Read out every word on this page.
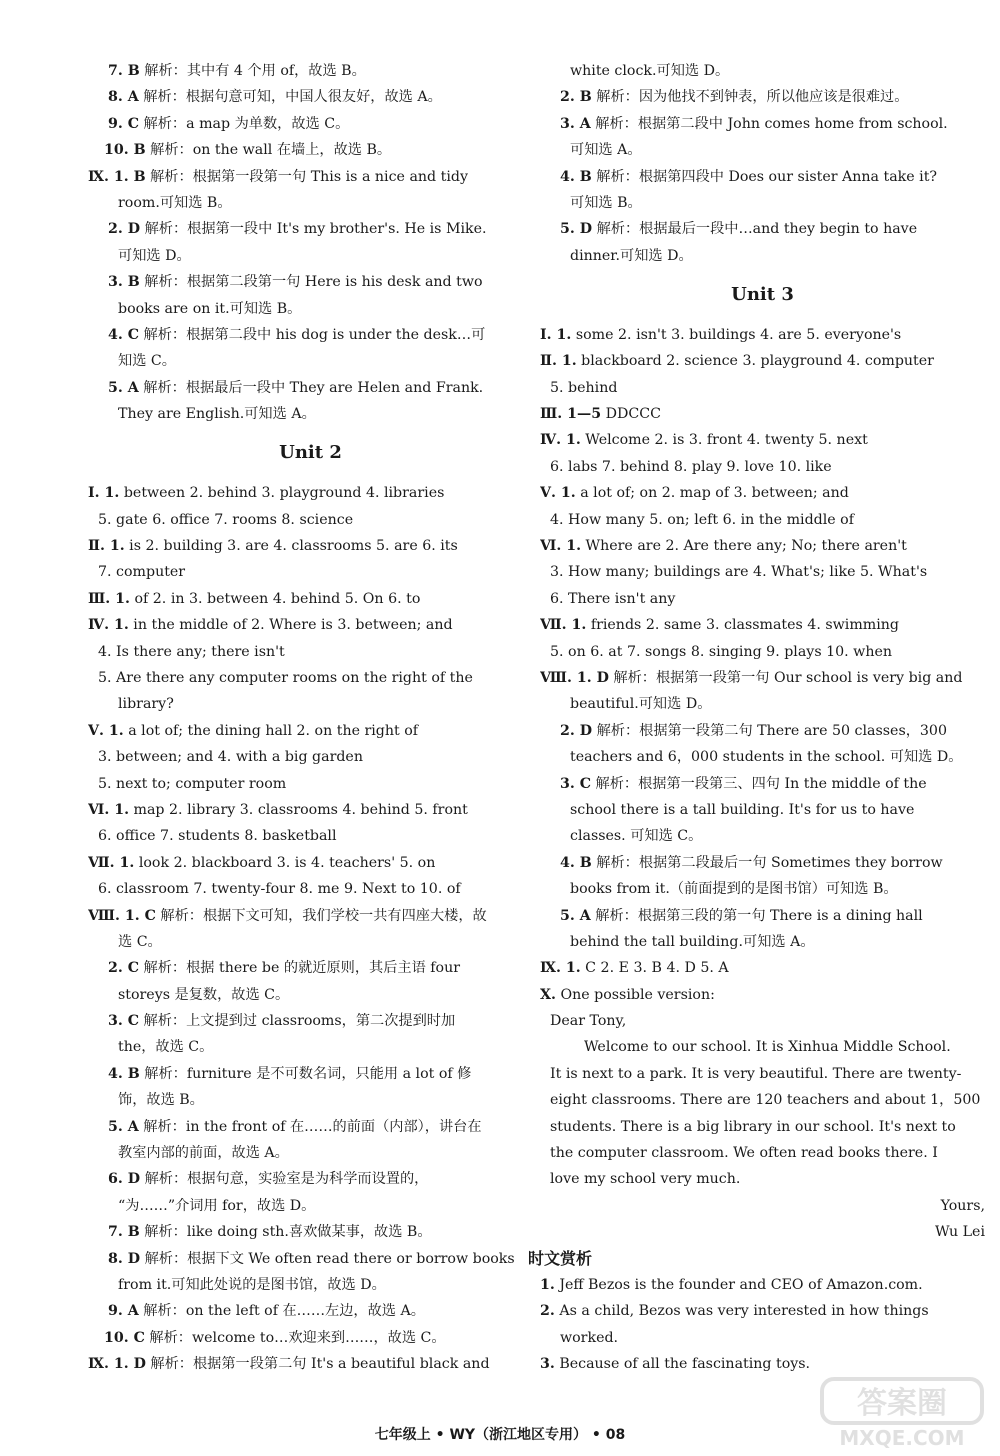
7. B 解析：其中有 4 个用 of，故选 B。
8. A 解析：根据句意可知，中国人很友好，故选 A。
9. C 解析：a map 为单数，故选 C。
10. B 解析：on the wall 在墙上，故选 B。
Ⅸ. 1. B 解析：根据第一段第一句 This is a nice and tidy
room.可知选 B。
2. D 解析：根据第一段中 It's my brother's. He is Mike.
可知选 D。
3. B 解析：根据第二段第一句 Here is his desk and two
books are on it.可知选 B。
4. C 解析：根据第二段中 his dog is under the desk…可
知选 C。
5. A 解析：根据最后一段中 They are Helen and Frank.
They are English.可知选 A。
Unit 2
Ⅰ. 1. between 2. behind 3. playground 4. libraries
5. gate 6. office 7. rooms 8. science
Ⅱ. 1. is 2. building 3. are 4. classrooms 5. are 6. its
7. computer
Ⅲ. 1. of 2. in 3. between 4. behind 5. On 6. to
Ⅳ. 1. in the middle of 2. Where is 3. between; and
4. Is there any; there isn't
5. Are there any computer rooms on the right of the
library?
Ⅴ. 1. a lot of; the dining hall 2. on the right of
3. between; and 4. with a big garden
5. next to; computer room
Ⅵ. 1. map 2. library 3. classrooms 4. behind 5. front
6. office 7. students 8. basketball
Ⅶ. 1. look 2. blackboard 3. is 4. teachers' 5. on
6. classroom 7. twenty-four 8. me 9. Next to 10. of
Ⅷ. 1. C 解析：根据下文可知，我们学校一共有四座大楼，故
选 C。
2. C 解析：根据 there be 的就近原则，其后主语 four
storeys 是复数，故选 C。
3. C 解析：上文提到过 classrooms，第二次提到时加
the，故选 C。
4. B 解析：furniture 是不可数名词，只能用 a lot of 修
饰，故选 B。
5. A 解析：in the front of 在……的前面（内部），讲台在
教室内部的前面，故选 A。
6. D 解析：根据句意，实验室是为科学而设置的，
“为……”介词用 for，故选 D。
7. B 解析：like doing sth.喜欢做某事，故选 B。
8. D 解析：根据下文 We often read there or borrow books
from it.可知此处说的是图书馆，故选 D。
9. A 解析：on the left of 在……左边，故选 A。
10. C 解析：welcome to…欢迎来到……，故选 C。
Ⅸ. 1. D 解析：根据第一段第二句 It's a beautiful black and
white clock.可知选 D。
2. B 解析：因为他找不到钟表，所以他应该是很难过。
3. A 解析：根据第二段中 John comes home from school.
可知选 A。
4. B 解析：根据第四段中 Does our sister Anna take it?
可知选 B。
5. D 解析：根据最后一段中…and they begin to have
dinner.可知选 D。
Unit 3
Ⅰ. 1. some 2. isn't 3. buildings 4. are 5. everyone's
Ⅱ. 1. blackboard 2. science 3. playground 4. computer
5. behind
Ⅲ. 1—5 DDCCC
Ⅳ. 1. Welcome 2. is 3. front 4. twenty 5. next
6. labs 7. behind 8. play 9. love 10. like
Ⅴ. 1. a lot of; on 2. map of 3. between; and
4. How many 5. on; left 6. in the middle of
Ⅵ. 1. Where are 2. Are there any; No; there aren't
3. How many; buildings are 4. What's; like 5. What's
6. There isn't any
Ⅶ. 1. friends 2. same 3. classmates 4. swimming
5. on 6. at 7. songs 8. singing 9. plays 10. when
Ⅷ. 1. D 解析：根据第一段第一句 Our school is very big and
beautiful.可知选 D。
2. D 解析：根据第一段第二句 There are 50 classes，300
teachers and 6，000 students in the school. 可知选 D。
3. C 解析：根据第一段第三、四句 In the middle of the
school there is a tall building. It's for us to have
classes. 可知选 C。
4. B 解析：根据第二段最后一句 Sometimes they borrow
books from it.（前面提到的是图书馆）可知选 B。
5. A 解析：根据第三段的第一句 There is a dining hall
behind the tall building.可知选 A。
Ⅸ. 1. C 2. E 3. B 4. D 5. A
Ⅹ. One possible version:
Dear Tony,
Welcome to our school. It is Xinhua Middle School.
It is next to a park. It is very beautiful. There are twenty-
eight classrooms. There are 120 teachers and about 1，500
students. There is a big library in our school. It's next to
the computer classroom. We often read books there. I
love my school very much.
Yours,
Wu Lei
时文赏析
1. Jeff Bezos is the founder and CEO of Amazon.com.
2. As a child, Bezos was very interested in how things
worked.
3. Because of all the fascinating toys.
七年级上 • WY（浙江地区专用） • 08
答案圈
MXQE.COM
